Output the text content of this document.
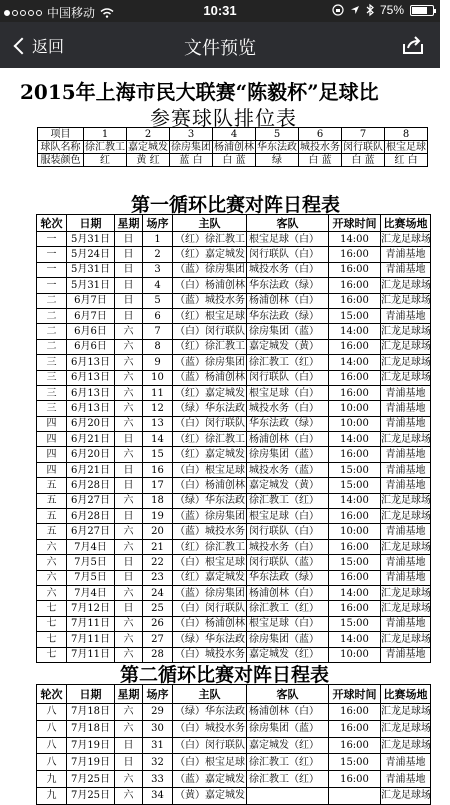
中国移动	10:31	75%
返回	文件预览
2015年上海市民大联赛“陈毅杯”足球比
参赛球队排位表
项目	1	2	3	4	5	6	7	8
球队名称	徐汇教工	嘉定城发	徐房集团	杨浦创林	华东法政	城投水务	闵行联队	根宝足球
服装颜色	红	黄 红	蓝 白	白 蓝	绿	白 蓝	白 蓝	红 白
第一循环比赛对阵日程表
轮次	日期	星期	场序	主队	客队	开球时间	比赛场地
一	5月31日	日	1	（红）徐汇教工	根宝足球（白）	14:00	汇龙足球场
一	5月24日	日	2	（红）嘉定城发	闵行联队（白）	16:00	青浦基地
一	5月31日	日	3	（蓝）徐房集团	城投水务（白）	16:00	青浦基地
一	5月31日	日	4	（白）杨浦创林	华东法政（绿）	16:00	汇龙足球场
二	6月7日	日	5	（蓝）城投水务	杨浦创林（白）	16:00	汇龙足球场
二	6月7日	日	6	（红）根宝足球	华东法政（绿）	15:00	青浦基地
二	6月6日	六	7	（白）闵行联队	徐房集团（蓝）	14:00	汇龙足球场
二	6月6日	六	8	（红）徐汇教工	嘉定城发（黄）	16:00	汇龙足球场
三	6月13日	六	9	（蓝）徐房集团	徐汇教工（红）	14:00	汇龙足球场
三	6月13日	六	10	（蓝）杨浦创林	闵行联队（白）	16:00	汇龙足球场
三	6月13日	六	11	（红）嘉定城发	根宝足球（白）	16:00	青浦基地
三	6月13日	六	12	（绿）华东法政	城投水务（白）	10:00	青浦基地
四	6月20日	六	13	（白）闵行联队	华东法政（绿）	10:00	青浦基地
四	6月21日	日	14	（红）徐汇教工	杨浦创林（白）	14:00	汇龙足球场
四	6月20日	六	15	（红）嘉定城发	徐房集团（蓝）	16:00	青浦基地
四	6月21日	日	16	（白）根宝足球	城投水务（蓝）	15:00	青浦基地
五	6月28日	日	17	（白）杨浦创林	嘉定城发（黄）	15:00	青浦基地
五	6月27日	六	18	（绿）华东法政	徐汇教工（红）	14:00	汇龙足球场
五	6月28日	日	19	（蓝）徐房集团	根宝足球（白）	16:00	汇龙足球场
五	6月27日	六	20	（蓝）城投水务	闵行联队（白）	10:00	青浦基地
六	7月4日	六	21	（红）徐汇教工	城投水务（白）	16:00	汇龙足球场
六	7月5日	日	22	（白）根宝足球	闵行联队（蓝）	15:00	青浦基地
六	7月5日	日	23	（红）嘉定城发	华东法政（绿）	16:00	青浦基地
六	7月4日	六	24	（蓝）徐房集团	杨浦创林（白）	14:00	汇龙足球场
七	7月12日	日	25	（白）闵行联队	徐汇教工（红）	16:00	汇龙足球场
七	7月11日	六	26	（白）杨浦创林	根宝足球（白）	15:00	青浦基地
七	7月11日	六	27	（绿）华东法政	徐房集团（蓝）	14:00	汇龙足球场
七	7月11日	六	28	（白）城投水务	嘉定城发（红）	10:00	青浦基地
第二循环比赛对阵日程表
轮次	日期	星期	场序	主队	客队	开球时间	比赛场地
八	7月18日	六	29	（绿）华东法政	杨浦创林（白）	16:00	汇龙足球场
八	7月18日	六	30	（白）城投水务	徐房集团（蓝）	16:00	汇龙足球场
八	7月19日	日	31	（白）闵行联队	嘉定城发（红）	16:00	汇龙足球场
八	7月19日	日	32	（白）根宝足球	徐汇教工（红）	15:00	青浦基地
九	7月25日	六	33	（蓝）嘉定城发	徐汇教工（红）	16:00	青浦基地
九	7月25日	六	34	（黄）嘉定城发			汇龙足球场
